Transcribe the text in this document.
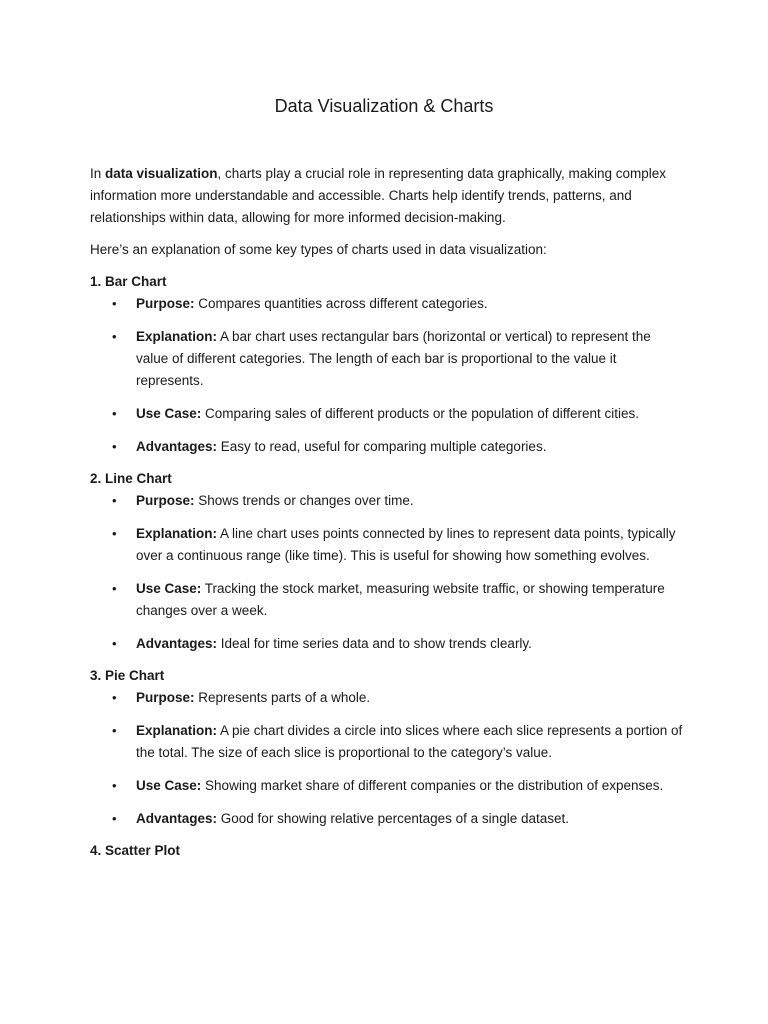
Data Visualization & Charts

In data visualization, charts play a crucial role in representing data graphically, making complex information more understandable and accessible. Charts help identify trends, patterns, and relationships within data, allowing for more informed decision-making.

Here’s an explanation of some key types of charts used in data visualization:

1. Bar Chart

• Purpose: Compares quantities across different categories.
• Explanation: A bar chart uses rectangular bars (horizontal or vertical) to represent the value of different categories. The length of each bar is proportional to the value it represents.
• Use Case: Comparing sales of different products or the population of different cities.
• Advantages: Easy to read, useful for comparing multiple categories.

2. Line Chart

• Purpose: Shows trends or changes over time.
• Explanation: A line chart uses points connected by lines to represent data points, typically over a continuous range (like time). This is useful for showing how something evolves.
• Use Case: Tracking the stock market, measuring website traffic, or showing temperature changes over a week.
• Advantages: Ideal for time series data and to show trends clearly.

3. Pie Chart

• Purpose: Represents parts of a whole.
• Explanation: A pie chart divides a circle into slices where each slice represents a portion of the total. The size of each slice is proportional to the category’s value.
• Use Case: Showing market share of different companies or the distribution of expenses.
• Advantages: Good for showing relative percentages of a single dataset.

4. Scatter Plot
